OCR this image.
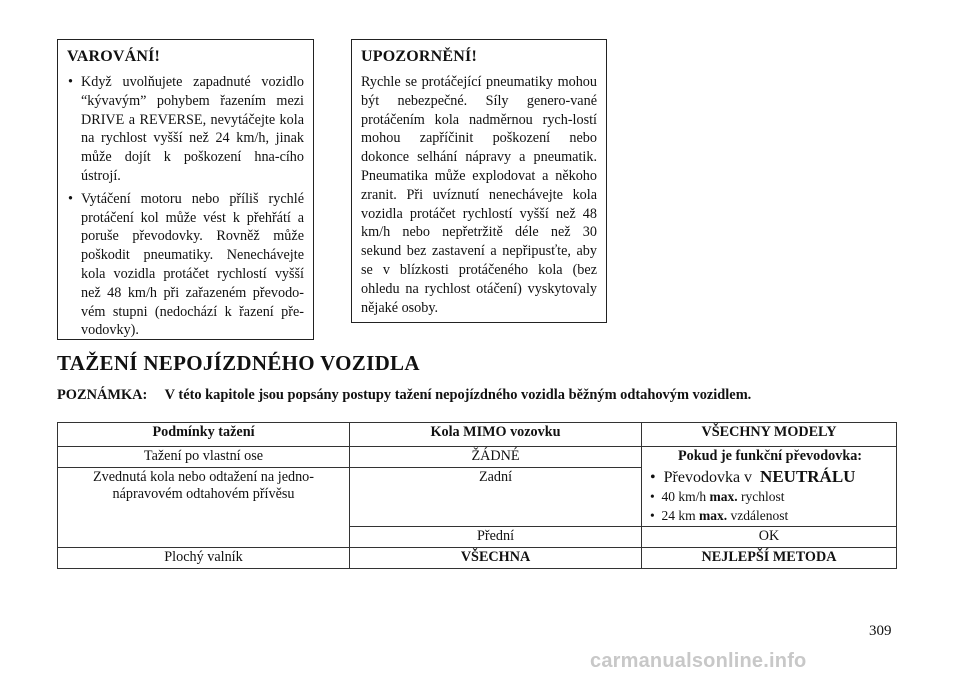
VAROVÁNÍ!
• Když uvolňujete zapadnuté vozidlo “kývavým” pohybem řazením mezi DRIVE a REVERSE, nevytáčejte kola na rychlost vyšší než 24 km/h, jinak může dojít k poškození hna-cího ústrojí.
• Vytáčení motoru nebo příliš rychlé protáčení kol může vést k přehřátí a poruše převodovky. Rovněž může poškodit pneumatiky. Nenechávejte kola vozidla protáčet rychlostí vyšší než 48 km/h při zařazeném převodo-vém stupni (nedochází k řazení pře-vodovky).
UPOZORNĚNÍ!

Rychle se protáčející pneumatiky mohou být nebezpečné. Síly genero-vané protáčením kola nadměrnou rych-lostí mohou zapříčinit poškození nebo dokonce selhání nápravy a pneumatik. Pneumatika může explodovat a někoho zranit. Při uvíznutí nenechávejte kola vozidla protáčet rychlostí vyšší než 48 km/h nebo nepřetržitě déle než 30 sekund bez zastavení a nepřipusťte, aby se v blízkosti protáčeného kola (bez ohledu na rychlost otáčení) vyskytovaly nějaké osoby.

TAŽENÍ NEPOJÍZDNÉHO VOZIDLA
POZNÁMKA: V této kapitole jsou popsány postupy tažení nepojízdného vozidla běžným odtahovým vozidlem.
Podmínky tažení	Kola MIMO vozovku	VŠECHNY MODELY
Tažení po vlastní ose	ŽÁDNÉ	Pokud je funkční převodovka:
• Převodovka v NEUTRÁLU
• 40 km/h max. rychlost
• 24 km max. vzdálenost

Zvednutá kola nebo odtažení na jedno-nápravovém odtahovém přívěsu	Zadní	
	Přední	OK
Plochý valník	VŠECHNA	NEJLEPŠÍ METODA
309
carmanualsonline.info
